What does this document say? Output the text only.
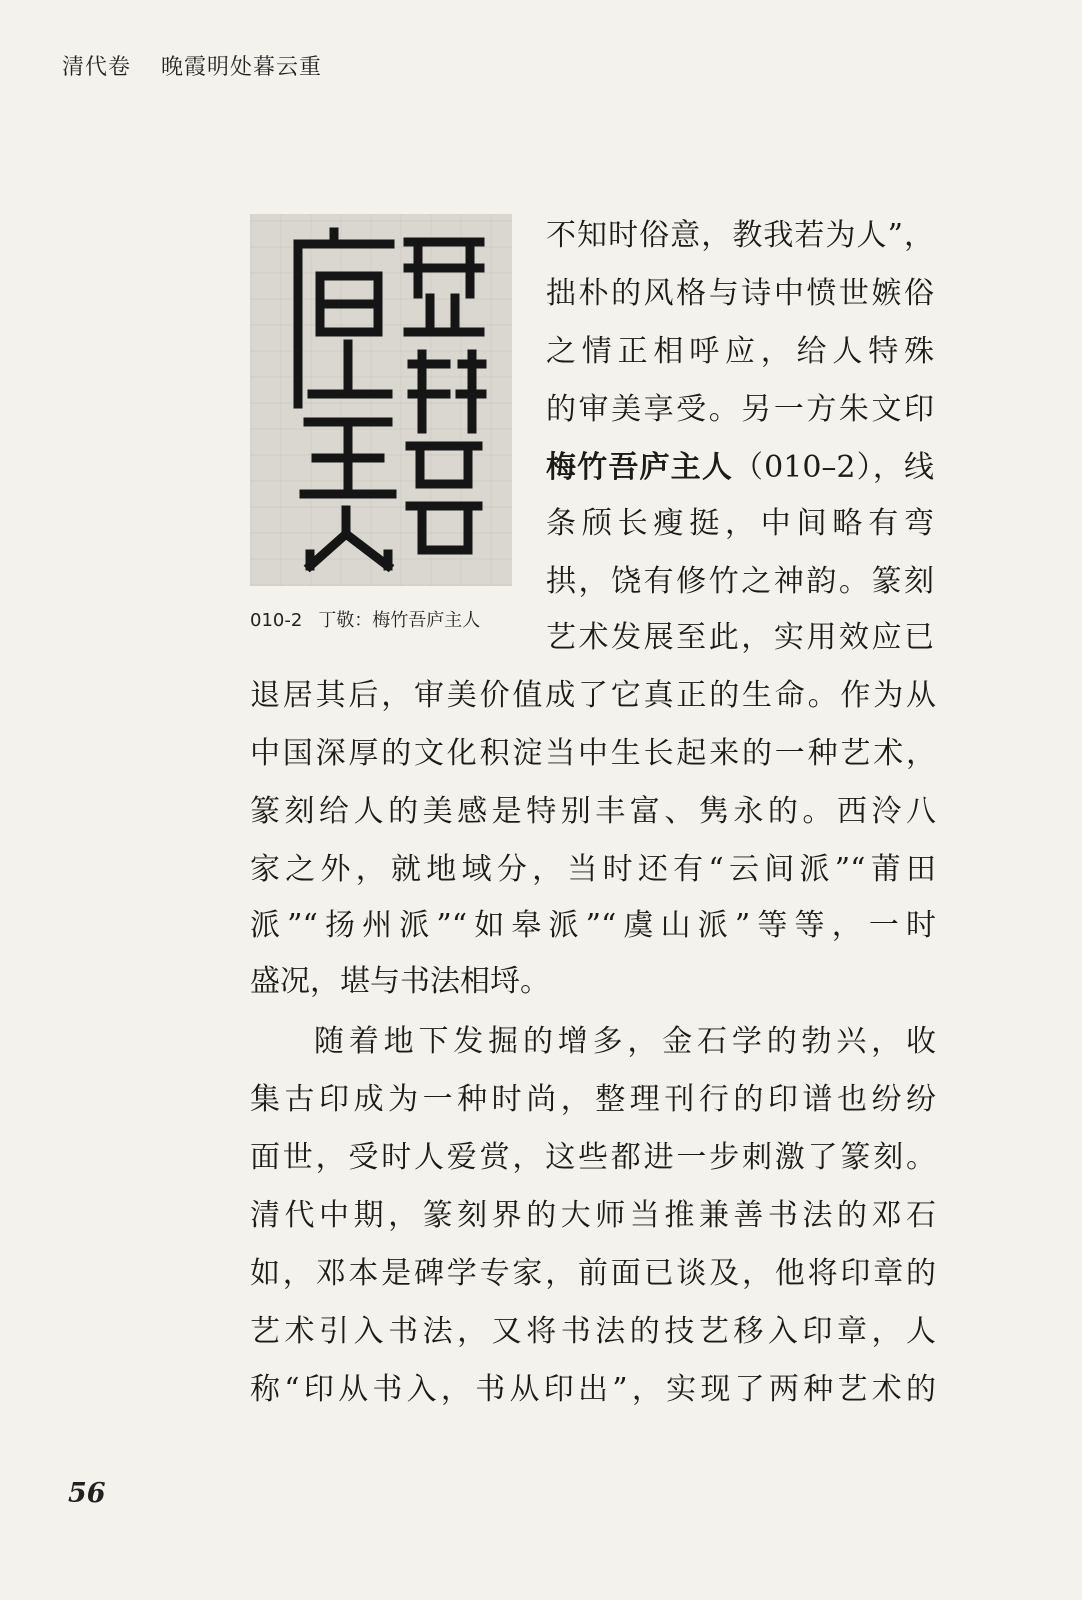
清代卷 晚霞明处暮云重
010-2 丁敬：梅竹吾庐主人
不知时俗意，教我若为人”，
拙朴的风格与诗中愤世嫉俗
之情正相呼应，给人特殊
的审美享受。另一方朱文印
梅竹吾庐主人（010–2），线
条颀长瘦挺，中间略有弯
拱，饶有修竹之神韵。篆刻
艺术发展至此，实用效应已
退居其后，审美价值成了它真正的生命。作为从
中国深厚的文化积淀当中生长起来的一种艺术，
篆刻给人的美感是特别丰富、隽永的。西泠八
家之外，就地域分，当时还有“云间派”“莆田
派”“扬州派”“如皋派”“虞山派”等等，一时
盛况，堪与书法相埒。
随着地下发掘的增多，金石学的勃兴，收
集古印成为一种时尚，整理刊行的印谱也纷纷
面世，受时人爱赏，这些都进一步刺激了篆刻。
清代中期，篆刻界的大师当推兼善书法的邓石
如，邓本是碑学专家，前面已谈及，他将印章的
艺术引入书法，又将书法的技艺移入印章，人
称“印从书入，书从印出”，实现了两种艺术的
56
